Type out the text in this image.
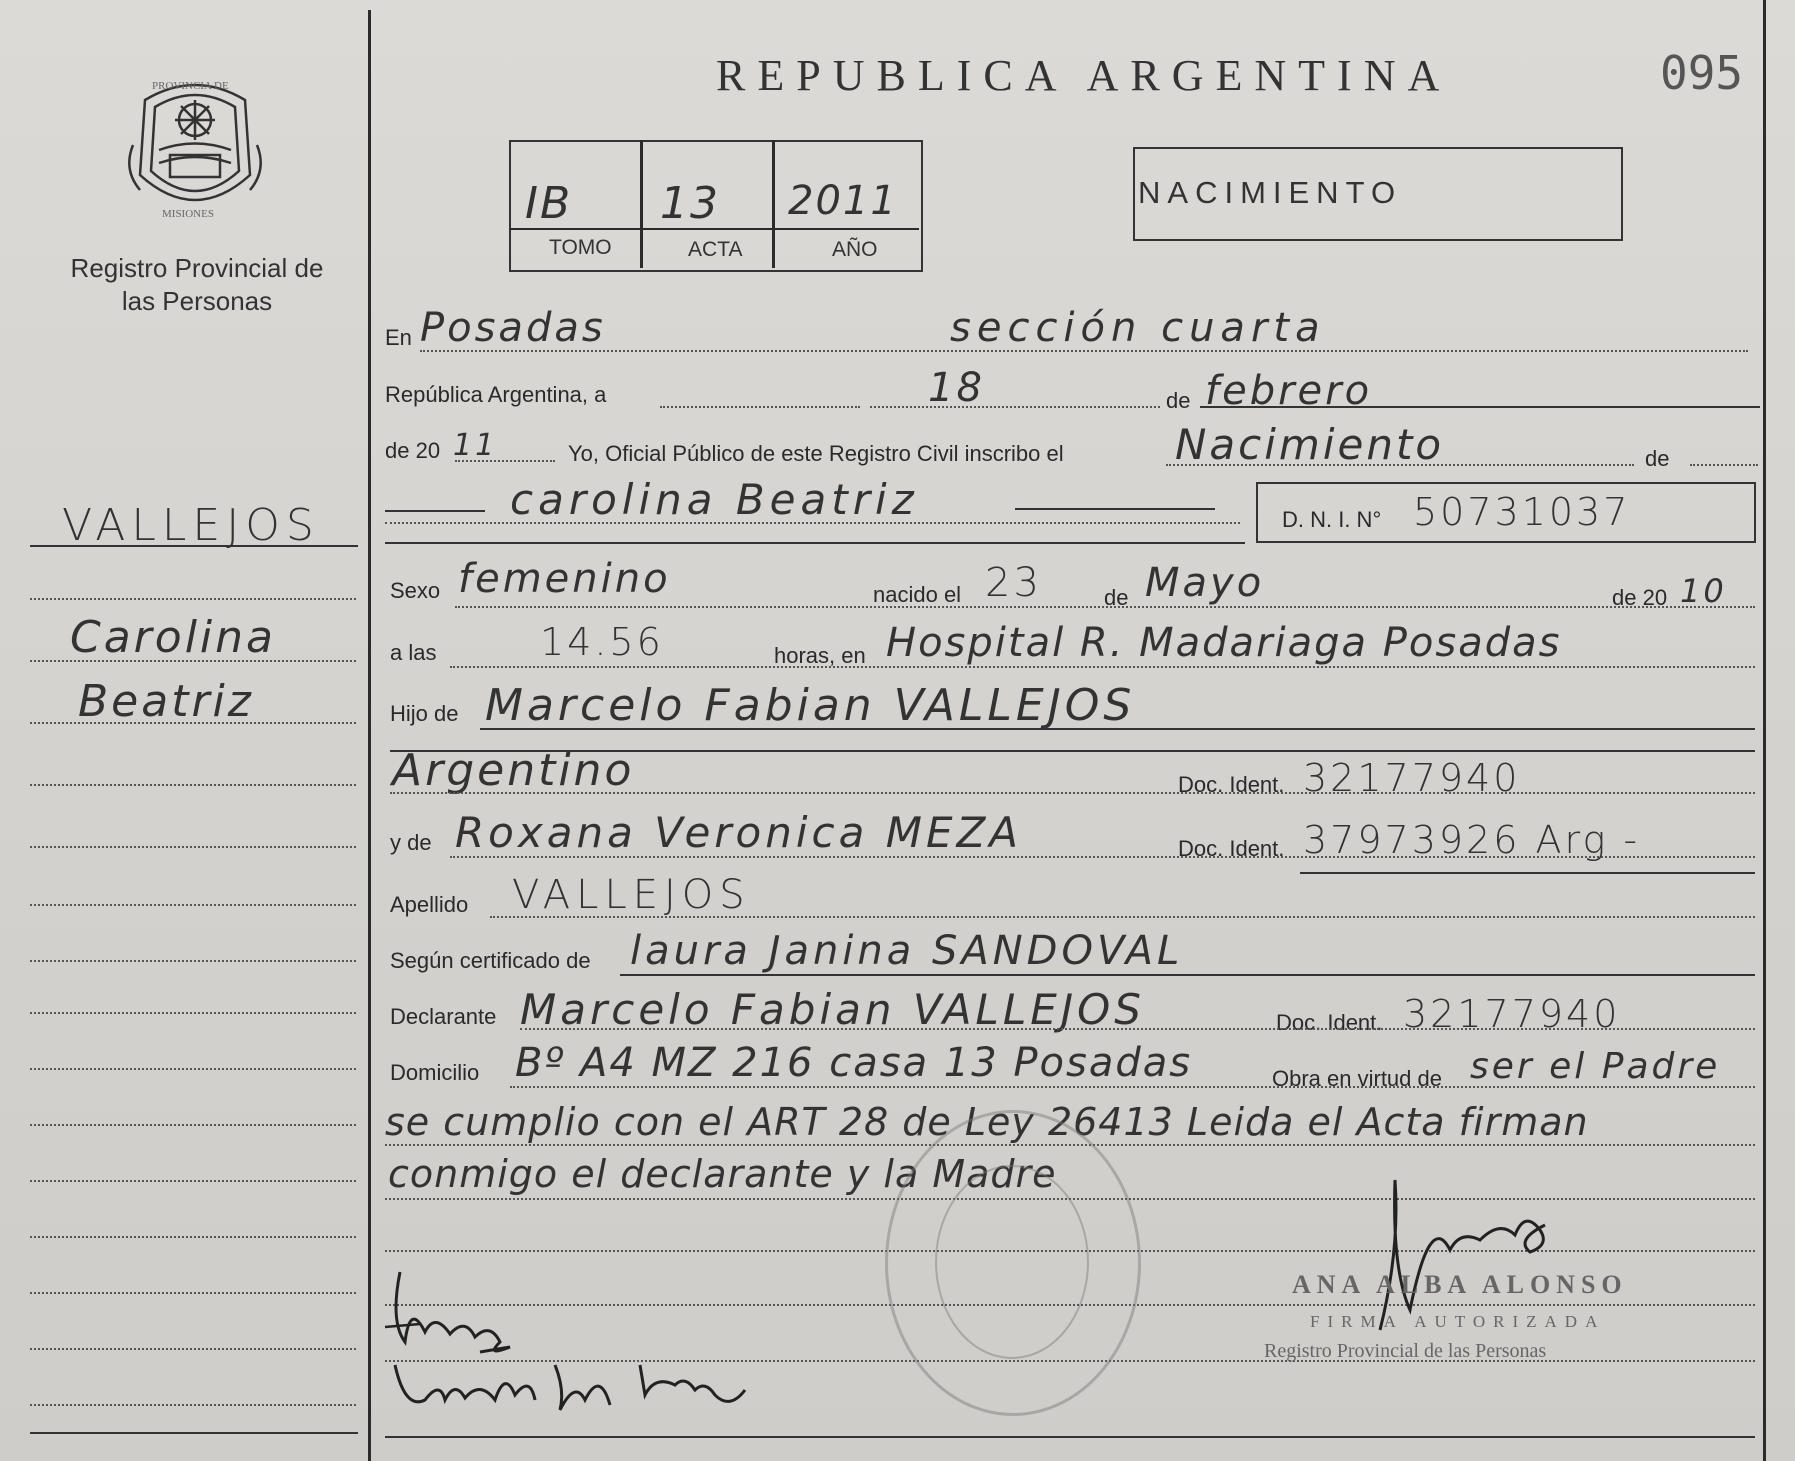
PROVINCIA DE
MISIONES
Registro Provincial de las Personas
REPUBLICA ARGENTINA	095
IB 13 2011
TOMO	ACTA	AÑO
NACIMIENTO
VALLEJOS
Carolina
Beatriz
En Posadas	sección cuarta
República Argentina, a	18	de febrero
de 20 11	Yo, Oficial Público de este Registro Civil inscribo el	Nacimiento	de
carolina Beatriz	D. N. I. N° 50731037
Sexo femenino	nacido el 23	de Mayo	de 20 10
a las	14.56	horas, en Hospital R. Madariaga Posadas
Hijo de Marcelo Fabian VALLEJOS
Argentino	Doc. Ident. 32177940
y de Roxana Veronica MEZA	Doc. Ident. 37973926 Arg -
Apellido VALLEJOS
Según certificado de laura Janina SANDOVAL
Declarante Marcelo Fabian VALLEJOS	Doc. Ident. 32177940
Domicilio Bº A4 MZ 216 casa 13 Posadas	Obra en virtud de ser el Padre
se cumplio con el ART 28 de Ley 26413 Leida el Acta firman
conmigo el declarante y la Madre
ANA ALBA ALONSO
FIRMA AUTORIZADA
Registro Provincial de las Personas
